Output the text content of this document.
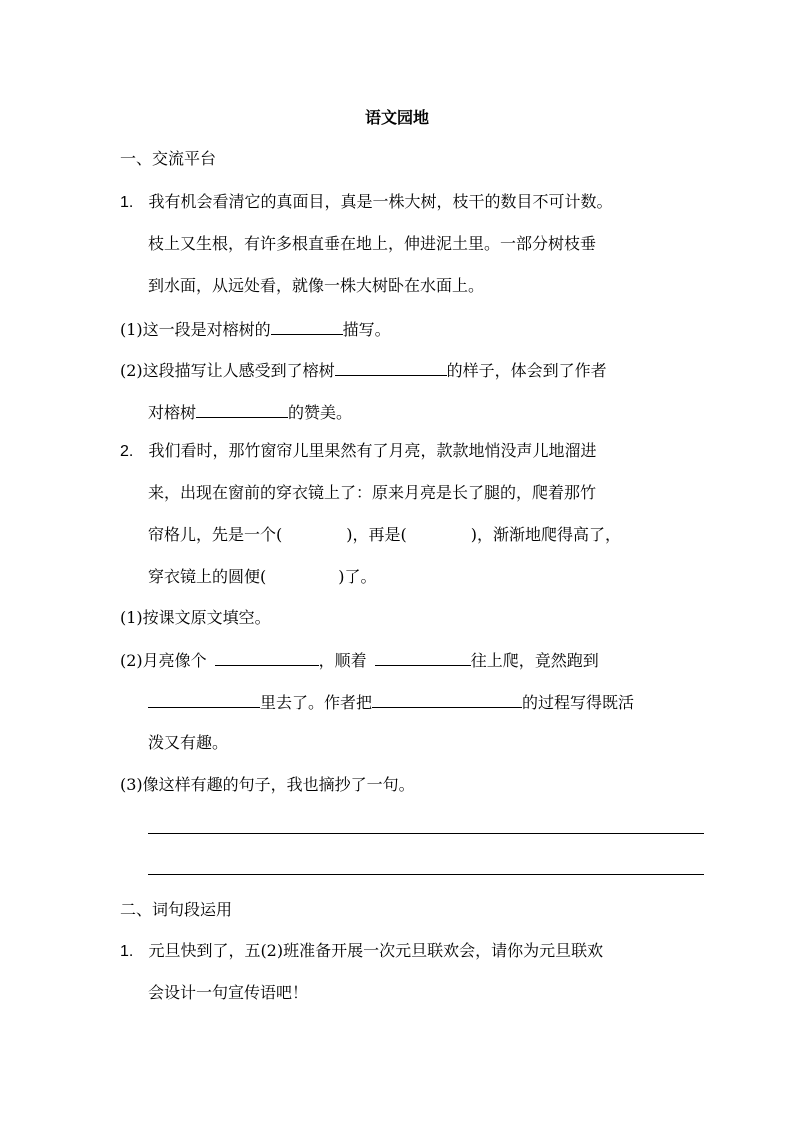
语文园地
一、交流平台
1. 我有机会看清它的真面目，真是一株大树，枝干的数目不可计数。
枝上又生根，有许多根直垂在地上，伸进泥土里。一部分树枝垂
到水面，从远处看，就像一株大树卧在水面上。
(1)这一段是对榕树的	描写。
(2)这段描写让人感受到了榕树	的样子，体会到了作者
对榕树	的赞美。
2. 我们看时，那竹窗帘儿里果然有了月亮，款款地悄没声儿地溜进
来，出现在窗前的穿衣镜上了：原来月亮是长了腿的，爬着那竹
帘格儿，先是一个(	)，再是(	)，渐渐地爬得高了，
穿衣镜上的圆便(	)了。
(1)按课文原文填空。
(2)月亮像个	，顺着	往上爬，竟然跑到
里去了。作者把	的过程写得既活
泼又有趣。
(3)像这样有趣的句子，我也摘抄了一句。
二、词句段运用
1. 元旦快到了，五(2)班准备开展一次元旦联欢会，请你为元旦联欢
会设计一句宣传语吧！
